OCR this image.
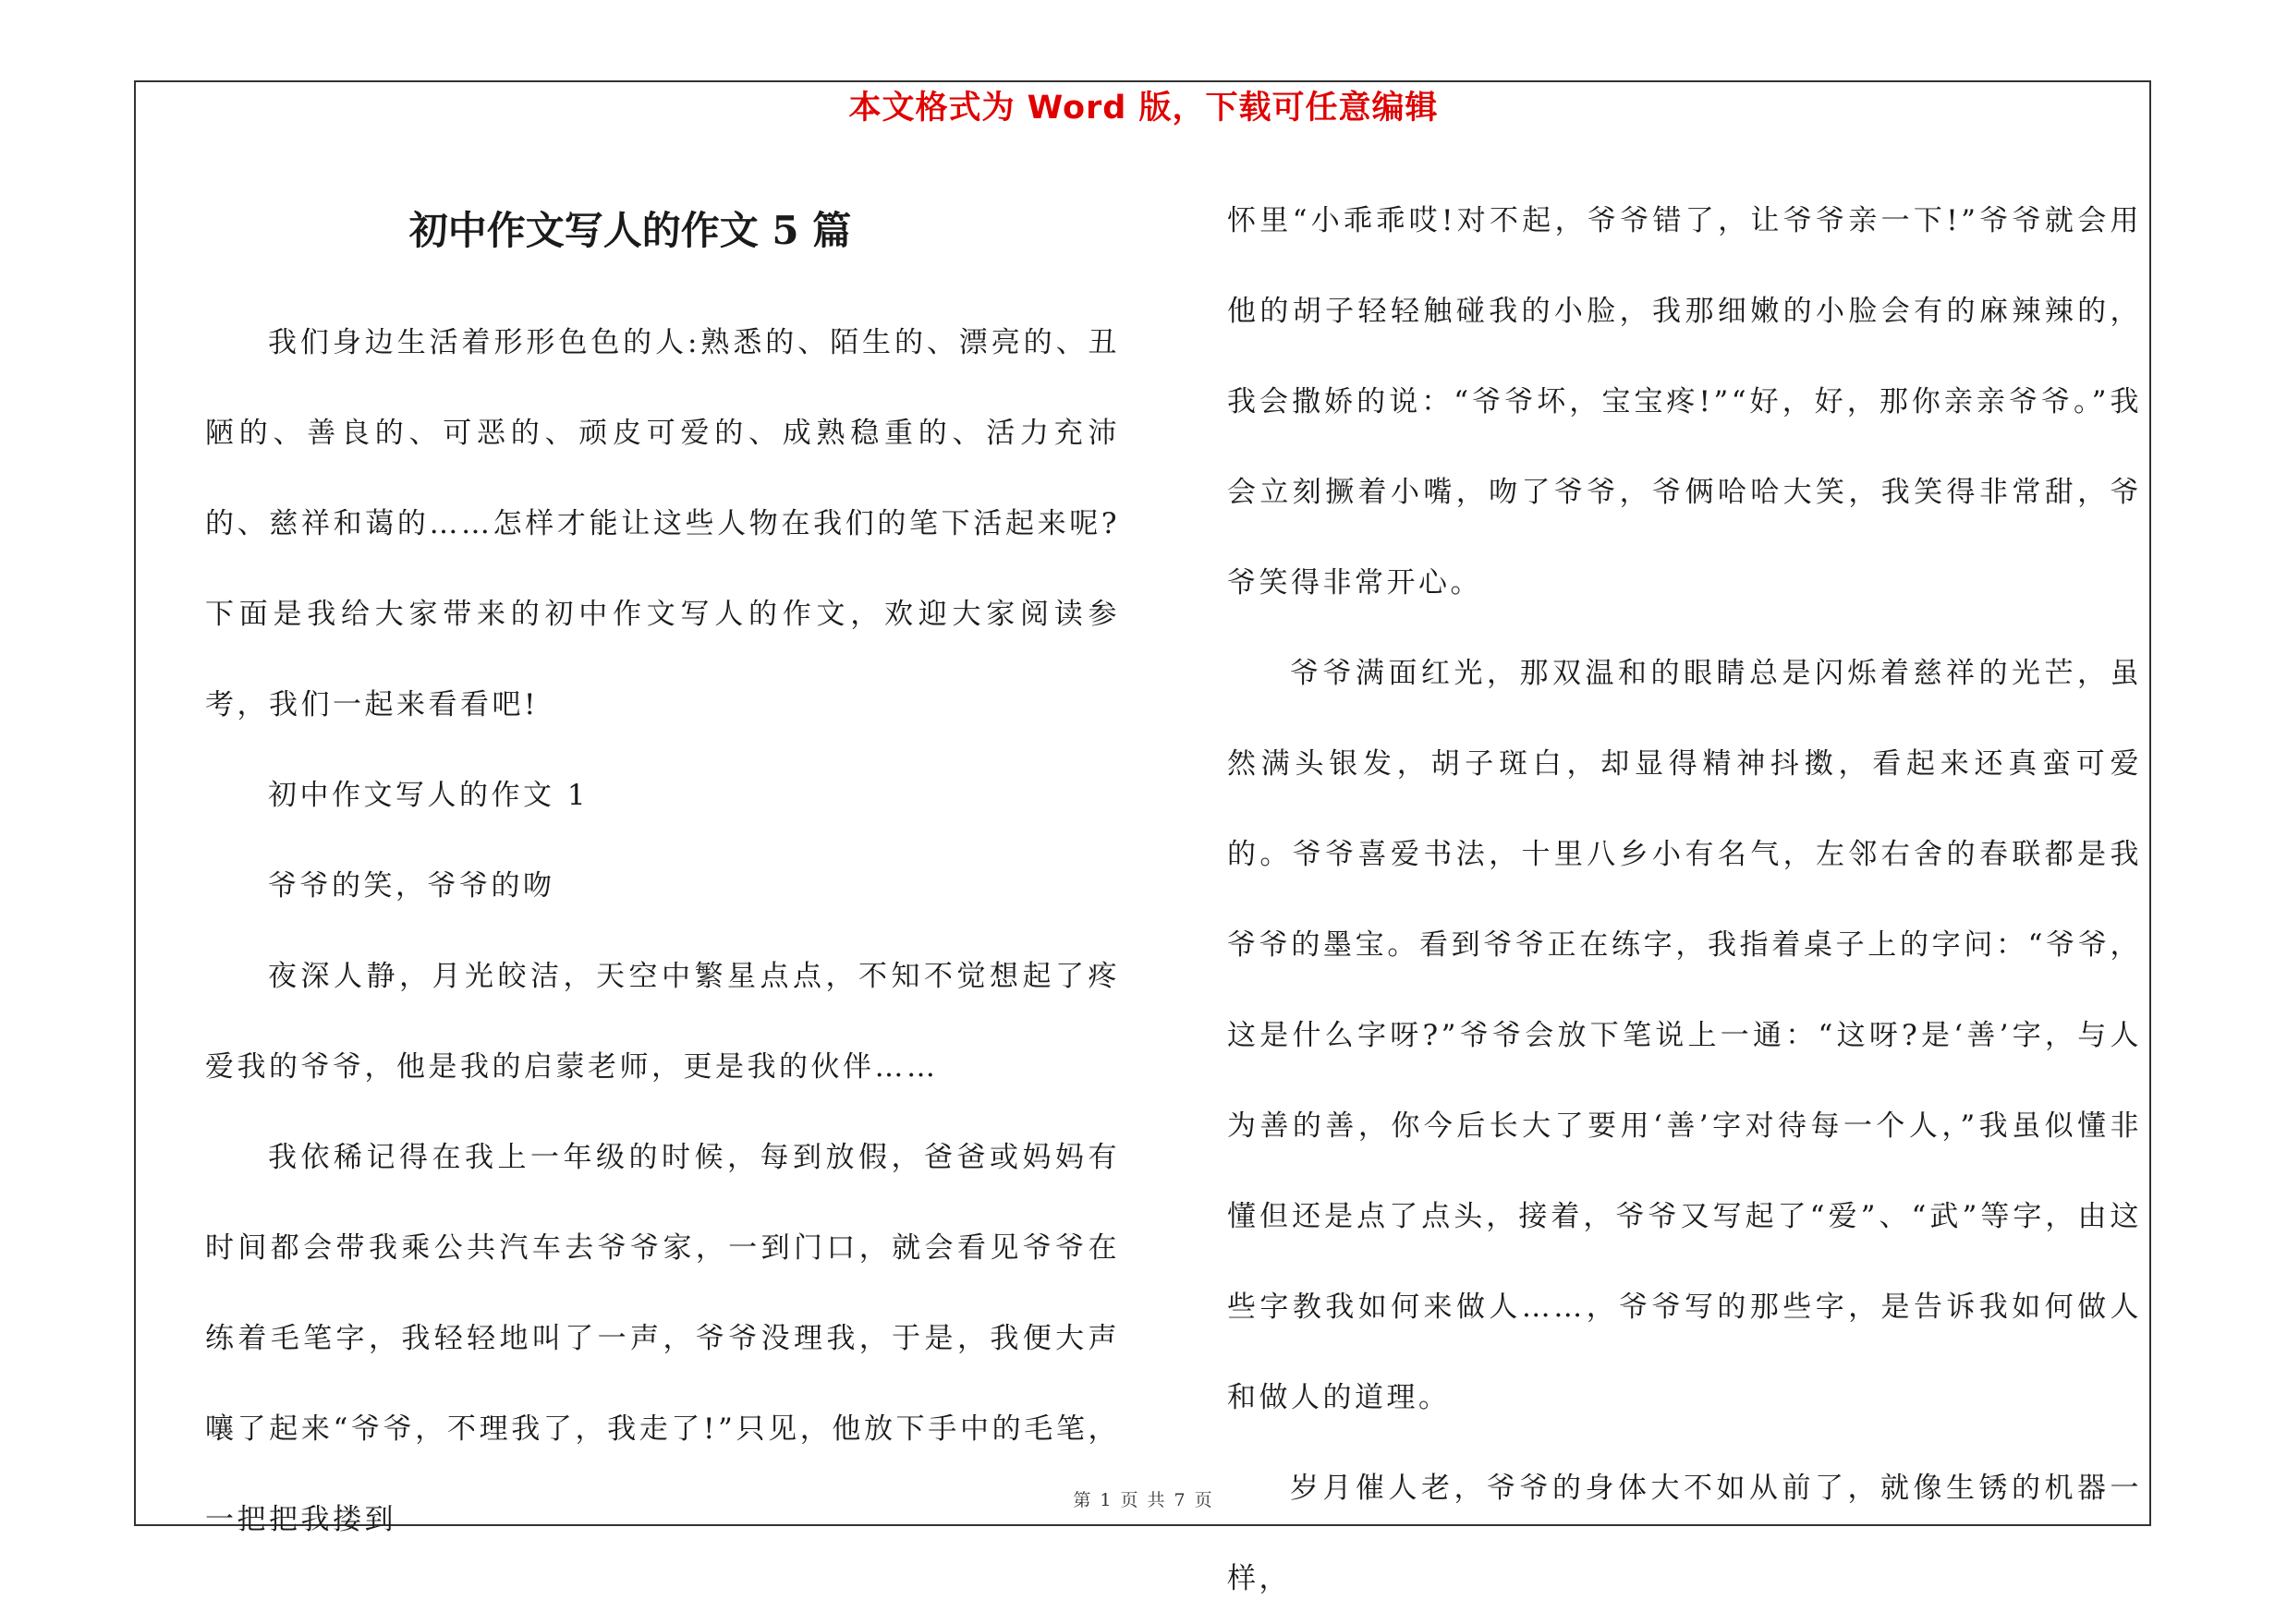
本文格式为 Word 版，下载可任意编辑
初中作文写人的作文 5 篇

我们身边生活着形形色色的人:熟悉的、陌生的、漂亮的、丑陋的、善良的、可恶的、顽皮可爱的、成熟稳重的、活力充沛的、慈祥和蔼的……怎样才能让这些人物在我们的笔下活起来呢?下面是我给大家带来的初中作文写人的作文，欢迎大家阅读参考，我们一起来看看吧!

初中作文写人的作文 1

爷爷的笑，爷爷的吻

夜深人静，月光皎洁，天空中繁星点点，不知不觉想起了疼爱我的爷爷，他是我的启蒙老师，更是我的伙伴……

我依稀记得在我上一年级的时候，每到放假，爸爸或妈妈有时间都会带我乘公共汽车去爷爷家，一到门口，就会看见爷爷在练着毛笔字，我轻轻地叫了一声，爷爷没理我，于是，我便大声嚷了起来“爷爷，不理我了，我走了!”只见，他放下手中的毛笔，一把把我搂到

怀里“小乖乖哎!对不起，爷爷错了，让爷爷亲一下!”爷爷就会用他的胡子轻轻触碰我的小脸，我那细嫩的小脸会有的麻辣辣的，我会撒娇的说：“爷爷坏，宝宝疼!”“好，好，那你亲亲爷爷。”我会立刻撅着小嘴，吻了爷爷，爷俩哈哈大笑，我笑得非常甜，爷爷笑得非常开心。

爷爷满面红光，那双温和的眼睛总是闪烁着慈祥的光芒，虽然满头银发，胡子斑白，却显得精神抖擞，看起来还真蛮可爱的。爷爷喜爱书法，十里八乡小有名气，左邻右舍的春联都是我爷爷的墨宝。看到爷爷正在练字，我指着桌子上的字问：“爷爷，这是什么字呀?”爷爷会放下笔说上一通：“这呀?是‘善’字，与人为善的善，你今后长大了要用‘善’字对待每一个人，”我虽似懂非懂但还是点了点头，接着，爷爷又写起了“爱”、“武”等字，由这些字教我如何来做人……，爷爷写的那些字，是告诉我如何做人和做人的道理。

岁月催人老，爷爷的身体大不如从前了，就像生锈的机器一样，

第 1 页 共 7 页
